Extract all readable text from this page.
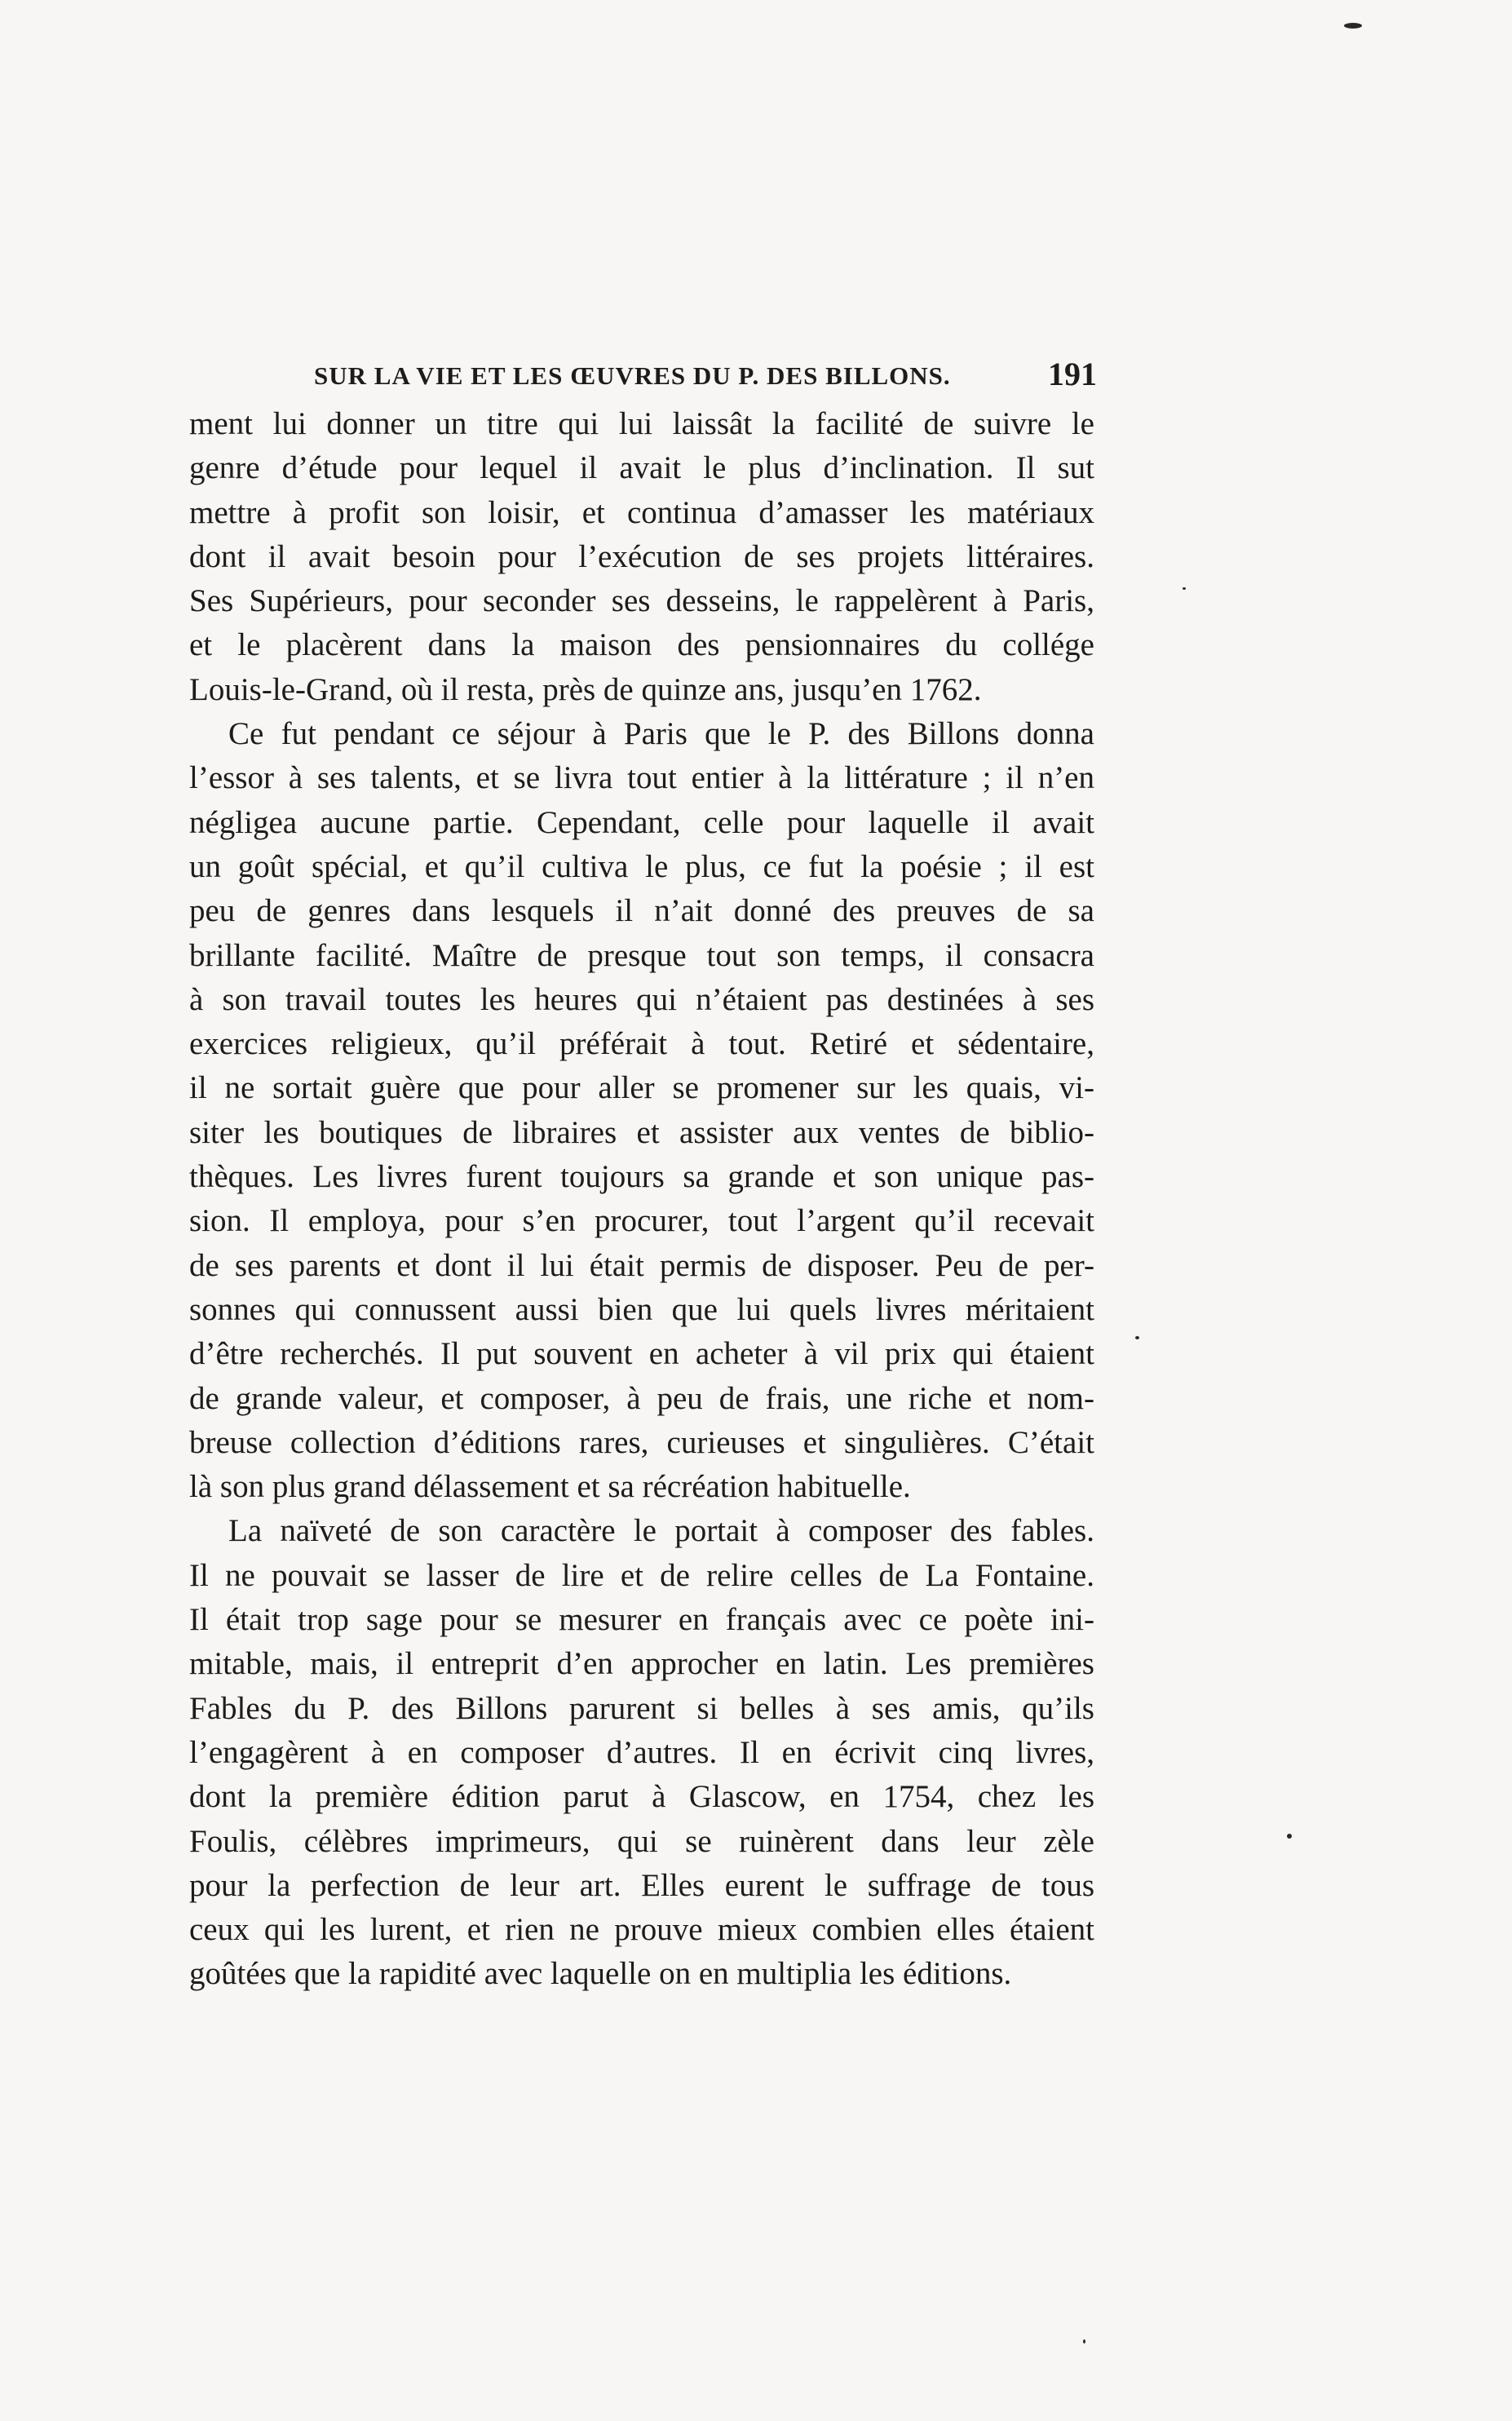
SUR LA VIE ET LES ŒUVRES DU P. DES BILLONS.	191

ment lui donner un titre qui lui laissât la facilité de suivre le
genre d’étude pour lequel il avait le plus d’inclination. Il sut
mettre à profit son loisir, et continua d’amasser les matériaux
dont il avait besoin pour l’exécution de ses projets littéraires.
Ses Supérieurs, pour seconder ses desseins, le rappelèrent à Paris,
et le placèrent dans la maison des pensionnaires du collége
Louis-le-Grand, où il resta, près de quinze ans, jusqu’en 1762.

Ce fut pendant ce séjour à Paris que le P. des Billons donna
l’essor à ses talents, et se livra tout entier à la littérature ; il n’en
négligea aucune partie. Cependant, celle pour laquelle il avait
un goût spécial, et qu’il cultiva le plus, ce fut la poésie ; il est
peu de genres dans lesquels il n’ait donné des preuves de sa
brillante facilité. Maître de presque tout son temps, il consacra
à son travail toutes les heures qui n’étaient pas destinées à ses
exercices religieux, qu’il préférait à tout. Retiré et sédentaire,
il ne sortait guère que pour aller se promener sur les quais, vi-
siter les boutiques de libraires et assister aux ventes de biblio-
thèques. Les livres furent toujours sa grande et son unique pas-
sion. Il employa, pour s’en procurer, tout l’argent qu’il recevait
de ses parents et dont il lui était permis de disposer. Peu de per-
sonnes qui connussent aussi bien que lui quels livres méritaient
d’être recherchés. Il put souvent en acheter à vil prix qui étaient
de grande valeur, et composer, à peu de frais, une riche et nom-
breuse collection d’éditions rares, curieuses et singulières. C’était
là son plus grand délassement et sa récréation habituelle.

La naïveté de son caractère le portait à composer des fables.
Il ne pouvait se lasser de lire et de relire celles de La Fontaine.
Il était trop sage pour se mesurer en français avec ce poète ini-
mitable, mais, il entreprit d’en approcher en latin. Les premières
Fables du P. des Billons parurent si belles à ses amis, qu’ils
l’engagèrent à en composer d’autres. Il en écrivit cinq livres,
dont la première édition parut à Glascow, en 1754, chez les
Foulis, célèbres imprimeurs, qui se ruinèrent dans leur zèle
pour la perfection de leur art. Elles eurent le suffrage de tous
ceux qui les lurent, et rien ne prouve mieux combien elles étaient
goûtées que la rapidité avec laquelle on en multiplia les éditions.
